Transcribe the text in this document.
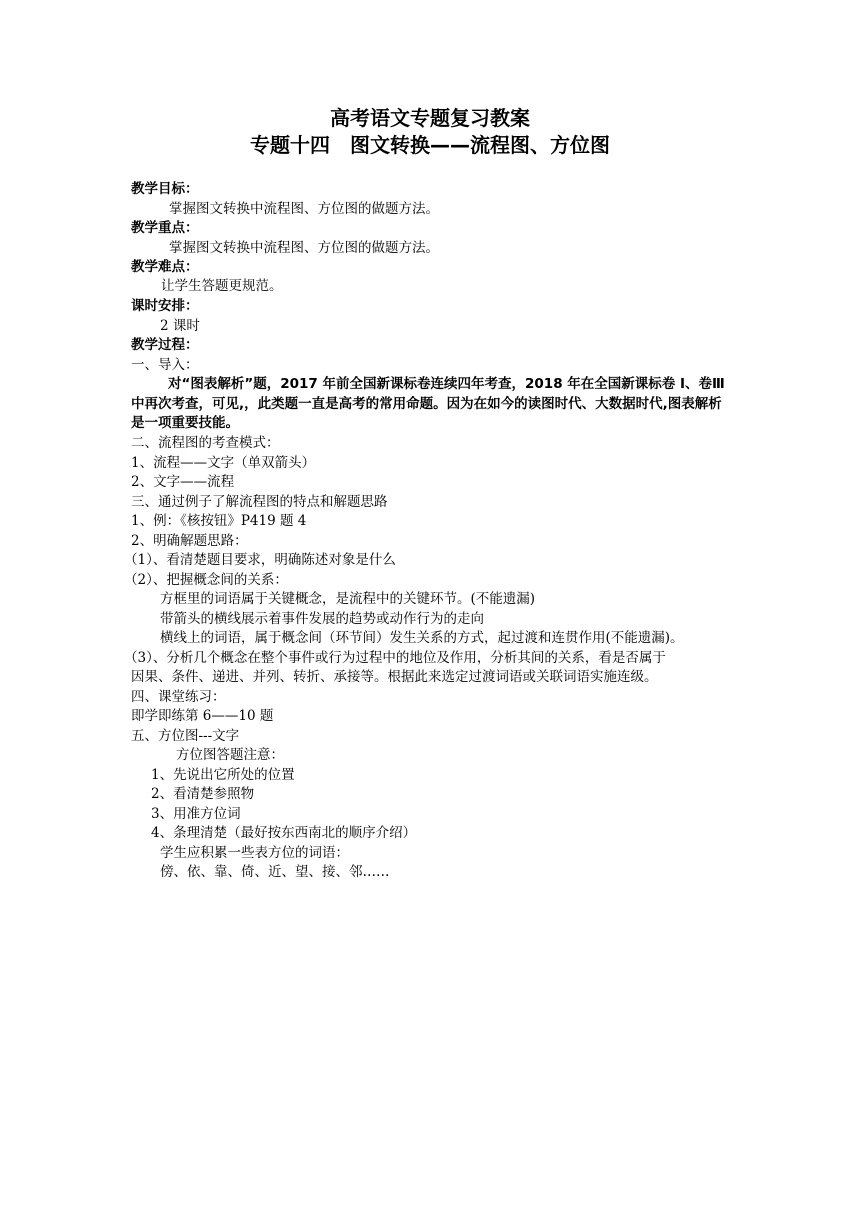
高考语文专题复习教案
专题十四　图文转换——流程图、方位图
教学目标：
掌握图文转换中流程图、方位图的做题方法。
教学重点：
掌握图文转换中流程图、方位图的做题方法。
教学难点：
让学生答题更规范。
课时安排：
2 课时
教学过程：
一、导入：
对“图表解析”题，2017 年前全国新课标卷连续四年考查，2018 年在全国新课标卷 I、卷Ⅲ中再次考查，可见,，此类题一直是高考的常用命题。因为在如今的读图时代、大数据时代,图表解析是一项重要技能。
二、流程图的考查模式：
1、流程——文字（单双箭头）
2、文字——流程
三、通过例子了解流程图的特点和解题思路
1、例：《核按钮》P419 题 4
2、明确解题思路：
（1）、看清楚题目要求，明确陈述对象是什么
（2）、把握概念间的关系：
方框里的词语属于关键概念，是流程中的关键环节。(不能遗漏)
带箭头的横线展示着事件发展的趋势或动作行为的走向
横线上的词语，属于概念间（环节间）发生关系的方式，起过渡和连贯作用(不能遗漏)。
（3）、分析几个概念在整个事件或行为过程中的地位及作用，分析其间的关系，看是否属于
因果、条件、递进、并列、转折、承接等。根据此来选定过渡词语或关联词语实施连级。
四、课堂练习：
即学即练第 6——10 题
五、方位图---文字
方位图答题注意：
1、先说出它所处的位置
2、看清楚参照物
3、用准方位词
4、条理清楚（最好按东西南北的顺序介绍）
学生应积累一些表方位的词语：
傍、依、靠、倚、近、望、接、邻……
